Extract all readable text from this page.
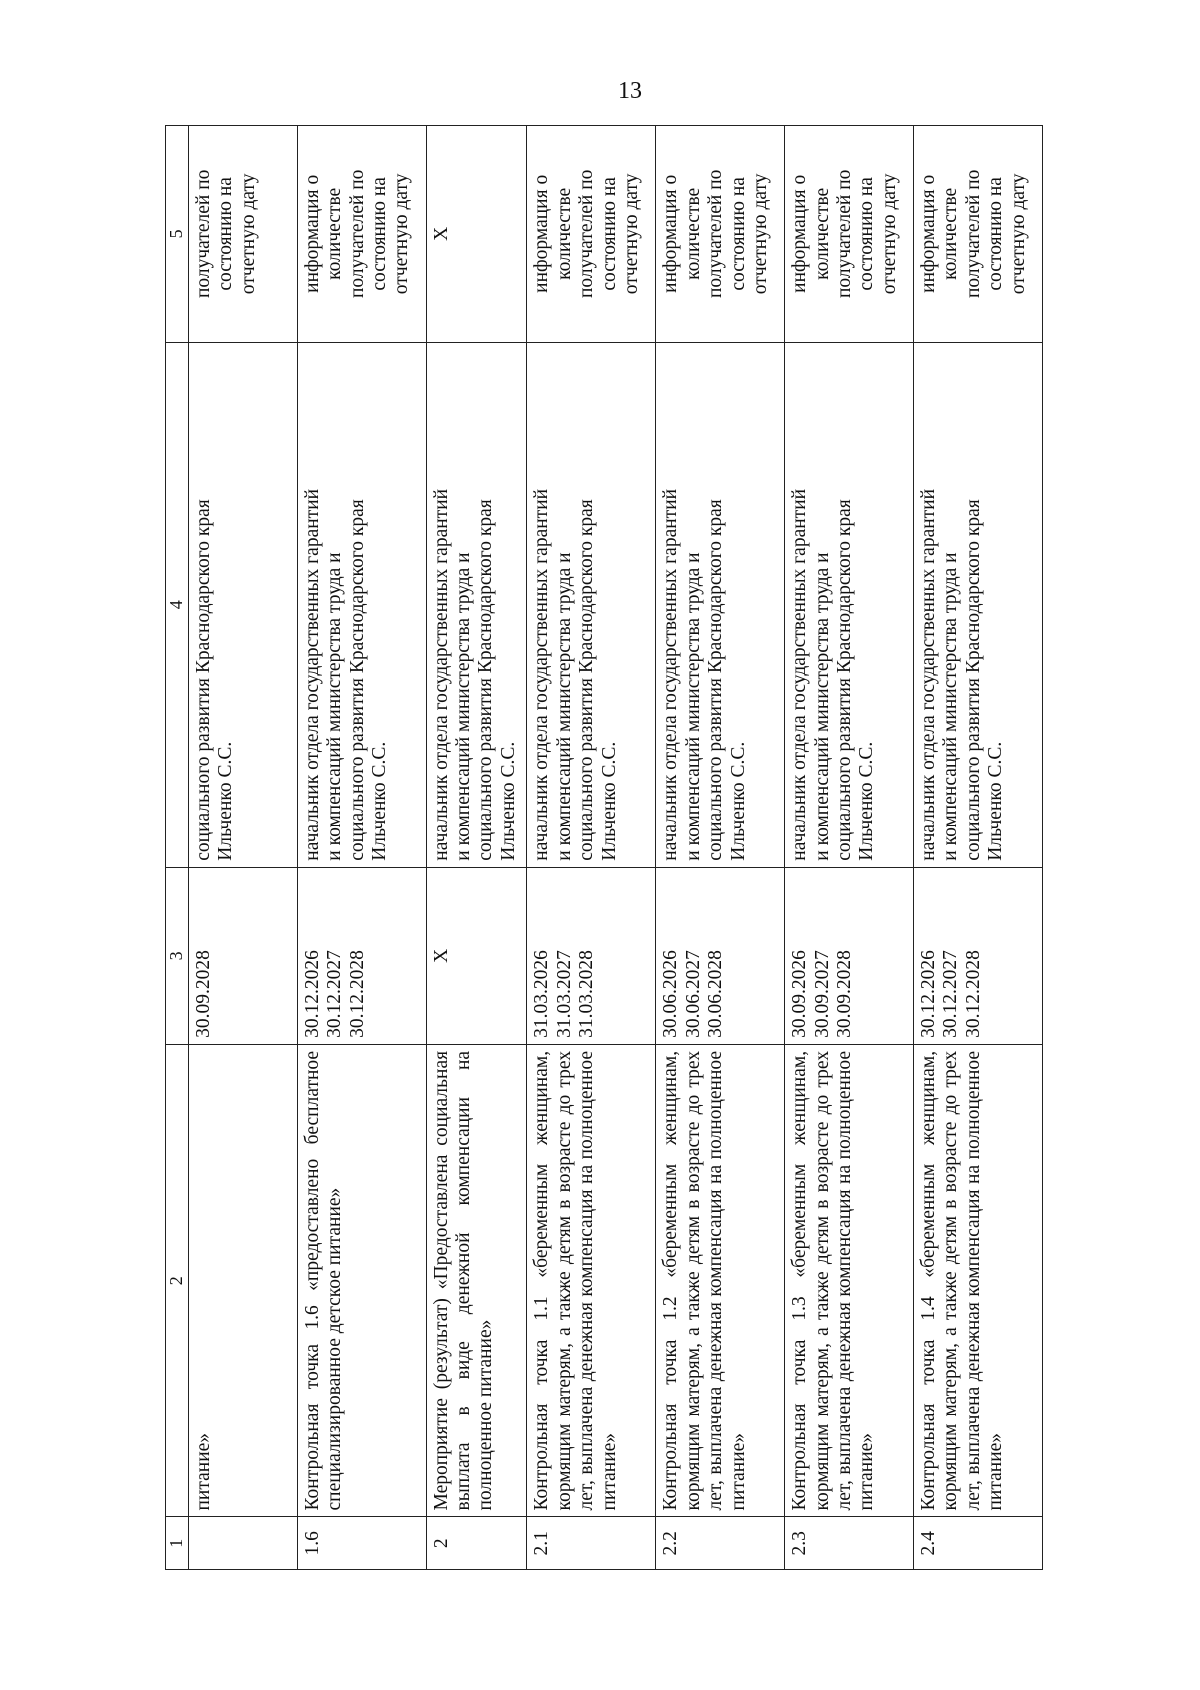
13
1	2	3	4	5
	питание»	30.09.2028	социального развития Краснодарского края Ильченко С.С.	получателей по состоянию на отчетную дату

1.6	Контрольная точка 1.6 «предоставлено бесплатное специализированное детское питание»	30.12.2026 30.12.2027 30.12.2028	начальник отдела государственных гарантий и компенсаций министерства труда и социального развития Краснодарского края Ильченко С.С.	информация о количестве получателей по состоянию на отчетную дату

2	Мероприятие (результат) «Предоставлена социальная выплата в виде денежной компенсации на полноценное питание»	Х	начальник отдела государственных гарантий и компенсаций министерства труда и социального развития Краснодарского края Ильченко С.С.	Х

2.1	Контрольная точка 1.1 «беременным женщинам, кормящим матерям, а также детям в возрасте до трех лет, выплачена денежная компенсация на полноценное питание»	31.03.2026 31.03.2027 31.03.2028	начальник отдела государственных гарантий и компенсаций министерства труда и социального развития Краснодарского края Ильченко С.С.	информация о количестве получателей по состоянию на отчетную дату

2.2	Контрольная точка 1.2 «беременным женщинам, кормящим матерям, а также детям в возрасте до трех лет, выплачена денежная компенсация на полноценное питание»	30.06.2026 30.06.2027 30.06.2028	начальник отдела государственных гарантий и компенсаций министерства труда и социального развития Краснодарского края Ильченко С.С.	информация о количестве получателей по состоянию на отчетную дату

2.3	Контрольная точка 1.3 «беременным женщинам, кормящим матерям, а также детям в возрасте до трех лет, выплачена денежная компенсация на полноценное питание»	30.09.2026 30.09.2027 30.09.2028	начальник отдела государственных гарантий и компенсаций министерства труда и социального развития Краснодарского края Ильченко С.С.	информация о количестве получателей по состоянию на отчетную дату

2.4	Контрольная точка 1.4 «беременным женщинам, кормящим матерям, а также детям в возрасте до трех лет, выплачена денежная компенсация на полноценное питание»	30.12.2026 30.12.2027 30.12.2028	начальник отдела государственных гарантий и компенсаций министерства труда и социального развития Краснодарского края Ильченко С.С.	информация о количестве получателей по состоянию на отчетную дату
